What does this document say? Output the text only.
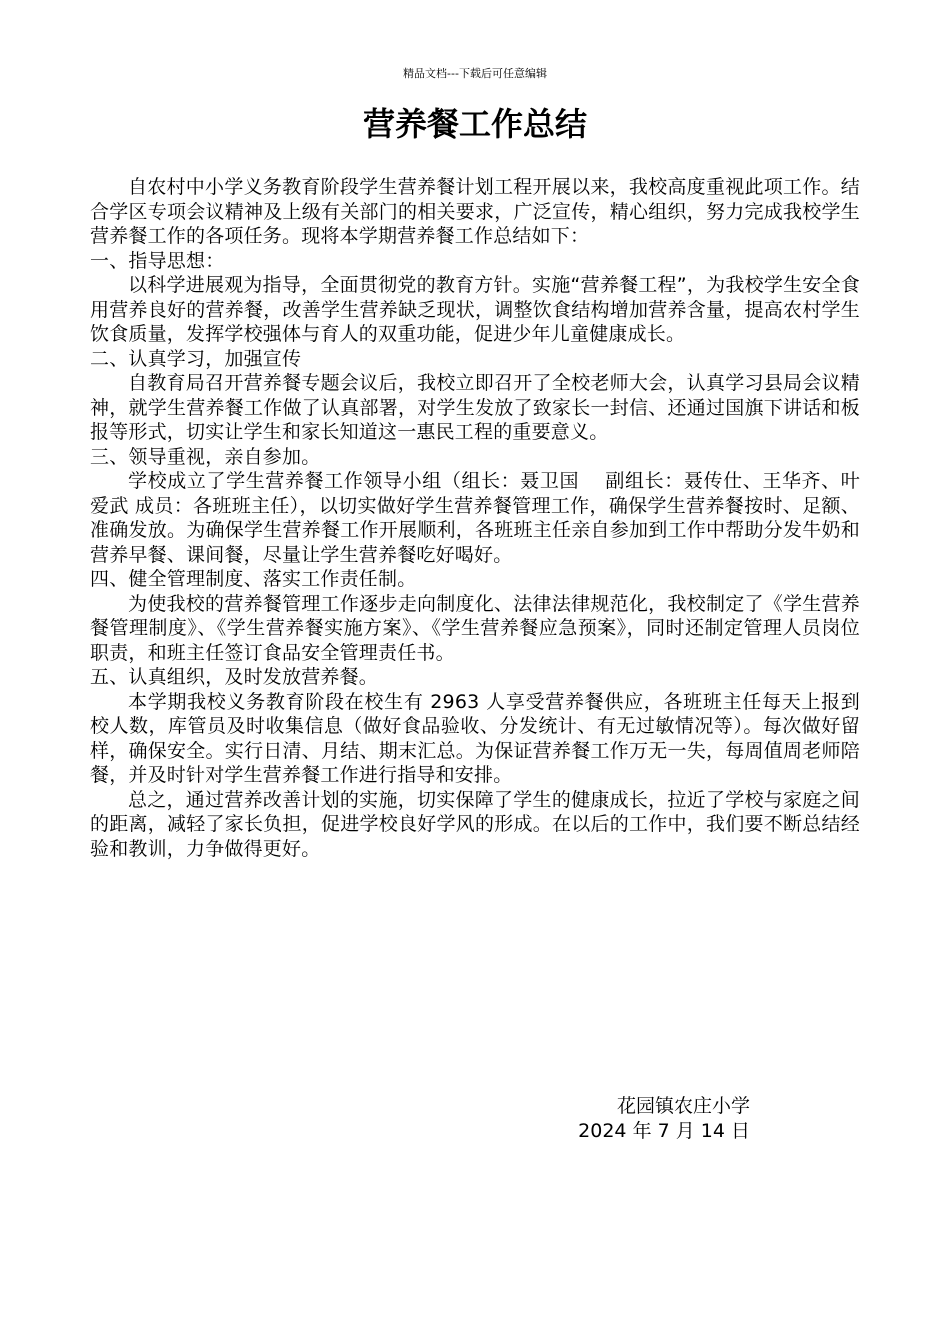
精品文档---下载后可任意编辑
营养餐工作总结

自农村中小学义务教育阶段学生营养餐计划工程开展以来，我校高度重视此项工作。结合学区专项会议精神及上级有关部门的相关要求，广泛宣传，精心组织，努力完成我校学生营养餐工作的各项任务。现将本学期营养餐工作总结如下：

一、指导思想：

以科学进展观为指导，全面贯彻党的教育方针。实施“营养餐工程”，为我校学生安全食用营养良好的营养餐，改善学生营养缺乏现状，调整饮食结构增加营养含量，提高农村学生饮食质量，发挥学校强体与育人的双重功能，促进少年儿童健康成长。

二、认真学习，加强宣传

自教育局召开营养餐专题会议后，我校立即召开了全校老师大会，认真学习县局会议精神，就学生营养餐工作做了认真部署，对学生发放了致家长一封信、还通过国旗下讲话和板报等形式，切实让学生和家长知道这一惠民工程的重要意义。

三、领导重视，亲自参加。

学校成立了学生营养餐工作领导小组（组长：聂卫国　 副组长：聂传仕、王华齐、叶爱武 成员：各班班主任），以切实做好学生营养餐管理工作，确保学生营养餐按时、足额、准确发放。为确保学生营养餐工作开展顺利，各班班主任亲自参加到工作中帮助分发牛奶和营养早餐、课间餐，尽量让学生营养餐吃好喝好。

四、健全管理制度、落实工作责任制。

为使我校的营养餐管理工作逐步走向制度化、法律法律规范化，我校制定了《学生营养餐管理制度》、《学生营养餐实施方案》、《学生营养餐应急预案》，同时还制定管理人员岗位职责，和班主任签订食品安全管理责任书。

五、认真组织，及时发放营养餐。

本学期我校义务教育阶段在校生有 2963 人享受营养餐供应，各班班主任每天上报到校人数，库管员及时收集信息（做好食品验收、分发统计、有无过敏情况等）。每次做好留样，确保安全。实行日清、月结、期末汇总。为保证营养餐工作万无一失，每周值周老师陪餐，并及时针对学生营养餐工作进行指导和安排。

总之，通过营养改善计划的实施，切实保障了学生的健康成长，拉近了学校与家庭之间的距离，减轻了家长负担，促进学校良好学风的形成。在以后的工作中，我们要不断总结经验和教训，力争做得更好。

花园镇农庄小学
2024 年 7 月 14 日
